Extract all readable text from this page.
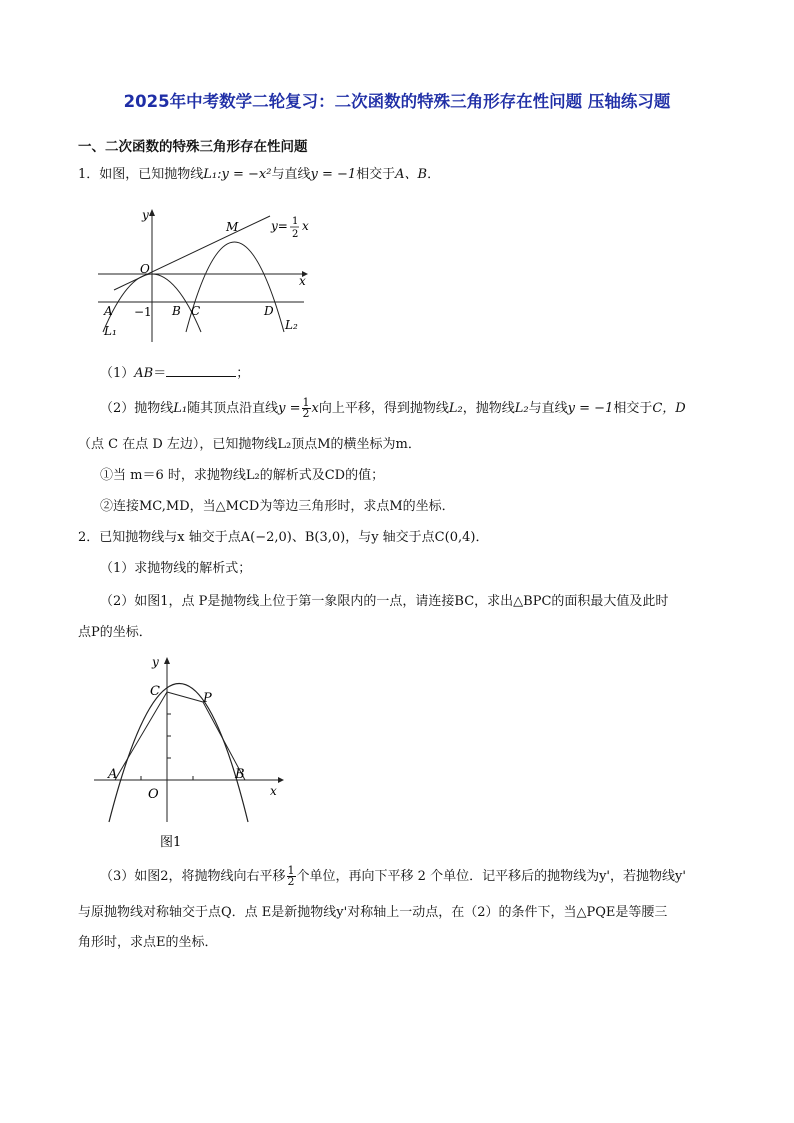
2025年中考数学二轮复习：二次函数的特殊三角形存在性问题 压轴练习题
一、二次函数的特殊三角形存在性问题
1．如图，已知抛物线L₁:y = −x²与直线y = −1相交于A、B．
y
x
O
M
A −1 B C	D
L₁	L₂
y= 1
2
x
（1）AB＝	；
（2）抛物线L₁随其顶点沿直线$y = \frac{1}{2}$ x向上平移，得到抛物线L₂，抛物线L₂与直线y = −1相交于C，D
（点 C 在点 D 左边），已知抛物线L₂顶点M的横坐标为m．
①当 m＝6 时，求抛物线L₂的解析式及CD的值；
②连接MC,MD，当△MCD为等边三角形时，求点M的坐标．
2．已知抛物线与x 轴交于点A(−2,0)、B(3,0)，与y 轴交于点C(0,4)．
（1）求抛物线的解析式；
（2）如图1，点 P是抛物线上位于第一象限内的一点，请连接BC，求出△BPC的面积最大值及此时
点P的坐标．
y
x
C	P
A	B
O
图1
（3）如图2，将抛物线向右平移 $\frac{1}{2}$ 个单位，再向下平移 2 个单位．记平移后的抛物线为y'，若抛物线y'
与原抛物线对称轴交于点Q．点 E是新抛物线y'对称轴上一动点，在（2）的条件下，当△PQE是等腰三
角形时，求点E的坐标．
